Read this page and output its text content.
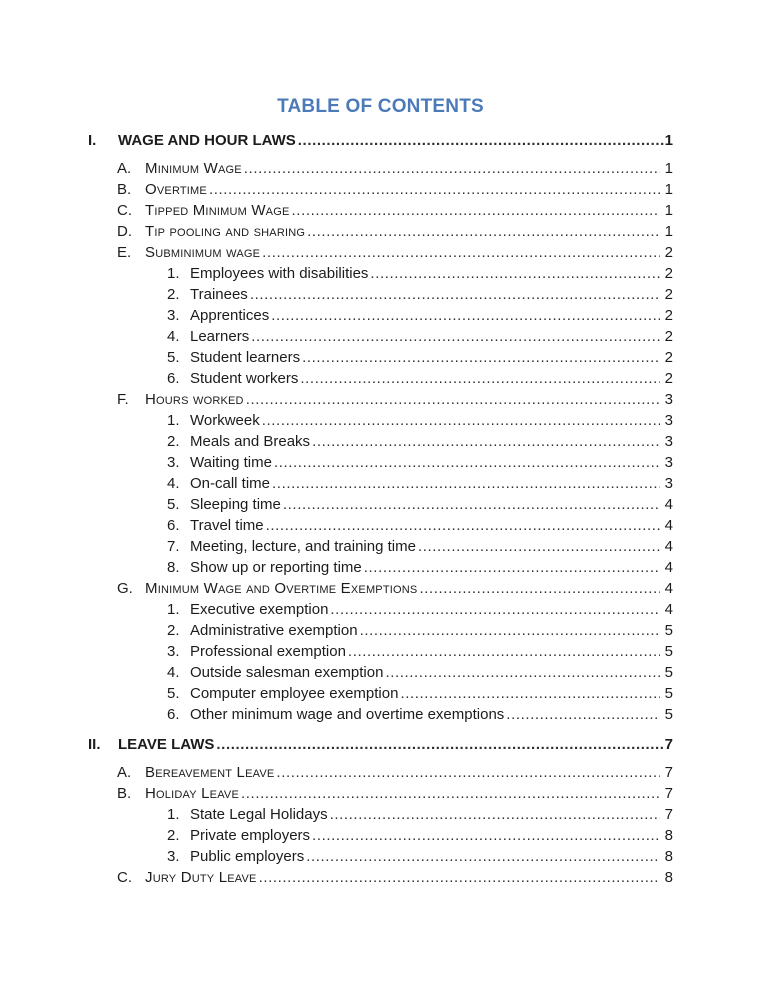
TABLE OF CONTENTS
I.	WAGE AND HOUR LAWS .....	1
A. Minimum Wage .....	1
B. Overtime .....	1
C. Tipped Minimum Wage .....	1
D. Tip pooling and sharing .....	1
E. Subminimum wage .....	2
1. Employees with disabilities .....	2
2. Trainees .....	2
3. Apprentices .....	2
4. Learners .....	2
5. Student learners .....	2
6. Student workers .....	2
F.	Hours worked .....	3
1. Workweek .....	3
2. Meals and Breaks .....	3
3. Waiting time .....	3
4. On-call time .....	3
5. Sleeping time .....	4
6. Travel time .....	4
7. Meeting, lecture, and training time .....	4
8. Show up or reporting time .....	4
G. Minimum Wage and Overtime Exemptions .....	4
1. Executive exemption .....	4
2. Administrative exemption .....	5
3. Professional exemption .....	5
4. Outside salesman exemption .....	5
5. Computer employee exemption .....	5
6. Other minimum wage and overtime exemptions .....	5
II.	LEAVE LAWS .....	7
A. Bereavement Leave .....	7
B. Holiday Leave .....	7
1. State Legal Holidays .....	7
2. Private employers .....	8
3. Public employers .....	8
C. Jury Duty Leave .....	8
